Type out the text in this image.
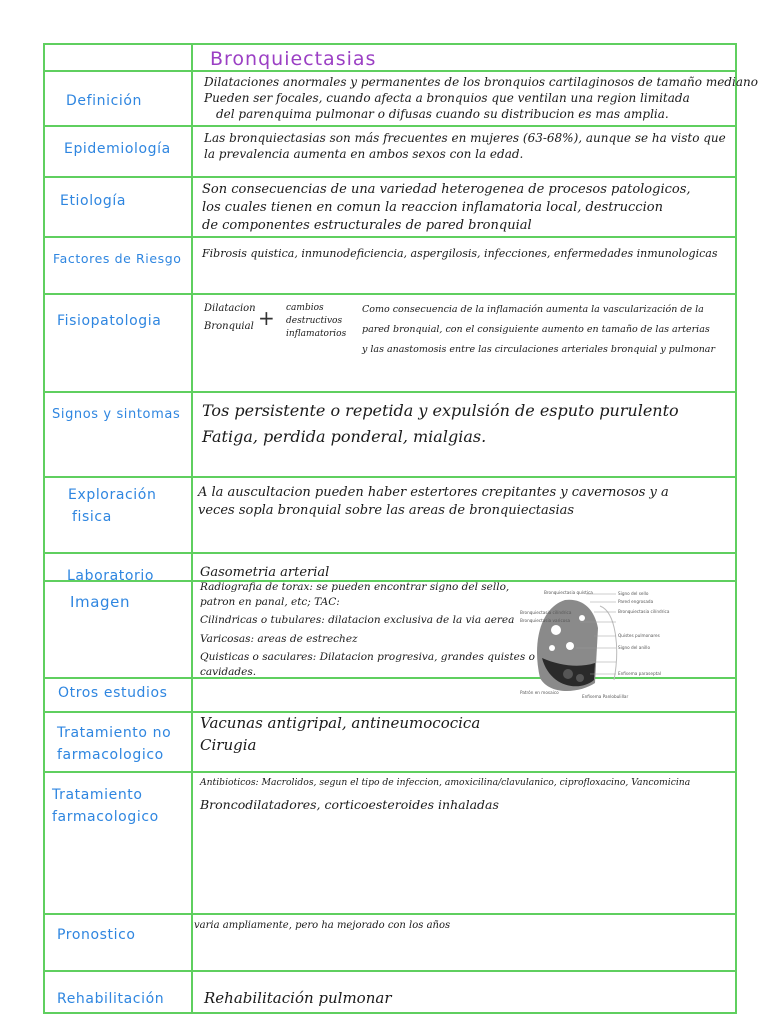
Bronquiectasias
Definición
Epidemiología
Etiología
Factores de Riesgo
Fisiopatologia
Signos y sintomas
Exploración
fisica
Laboratorio
Imagen
Otros estudios
Tratamiento no
farmacologico
Tratamiento
farmacologico
Pronostico
Rehabilitación
Dilataciones anormales y permanentes de los bronquios cartilaginosos de tamaño mediano
Pueden ser focales, cuando afecta a bronquios que ventilan una region limitada
del parenquima pulmonar o difusas cuando su distribucion es mas amplia.
Las bronquiectasias son más frecuentes en mujeres (63-68%), aunque se ha visto que
la prevalencia aumenta en ambos sexos con la edad.
Son consecuencias de una variedad heterogenea de procesos patologicos,
los cuales tienen en comun la reaccion inflamatoria local, destruccion
de componentes estructurales de pared bronquial
Fibrosis quistica, inmunodeficiencia, aspergilosis, infecciones, enfermedades inmunologicas
Dilatacion
Bronquial + cambios
destructivos
inflamatorios
Como consecuencia de la inflamación aumenta la vascularización de la
pared bronquial, con el consiguiente aumento en tamaño de las arterias
y las anastomosis entre las circulaciones arteriales bronquial y pulmonar
Tos persistente o repetida y expulsión de esputo purulento
Fatiga, perdida ponderal, mialgias.
A la auscultacion pueden haber estertores crepitantes y cavernosos y a
veces sopla bronquial sobre las areas de bronquiectasias
Gasometria arterial
Radiografia de torax: se pueden encontrar signo del sello,
patron en panal, etc; TAC:
Cilindricas o tubulares: dilatacion exclusiva de la via aerea
Varicosas: areas de estrechez
Quisticas o saculares: Dilatacion progresiva, grandes quistes o
cavidades.
Bronquiectasia quística	Signo del sello
Bronquiectasia cilíndrica
Pared engrosada
Bronquiectasia varicosa
Quistes pulmonares
Bronquiectasia cilíndrica
Enfisema paraseptal
Patrón en mosaico
Enfisema Panlobulillar
Signo del anillo
Vacunas antigripal, antineumococica
Cirugia
Antibioticos: Macrolidos, segun el tipo de infeccion, amoxicilina/clavulanico, ciprofloxacino, Vancomicina
Broncodilatadores, corticoesteroides inhaladas
varia ampliamente, pero ha mejorado con los años
Rehabilitación pulmonar
